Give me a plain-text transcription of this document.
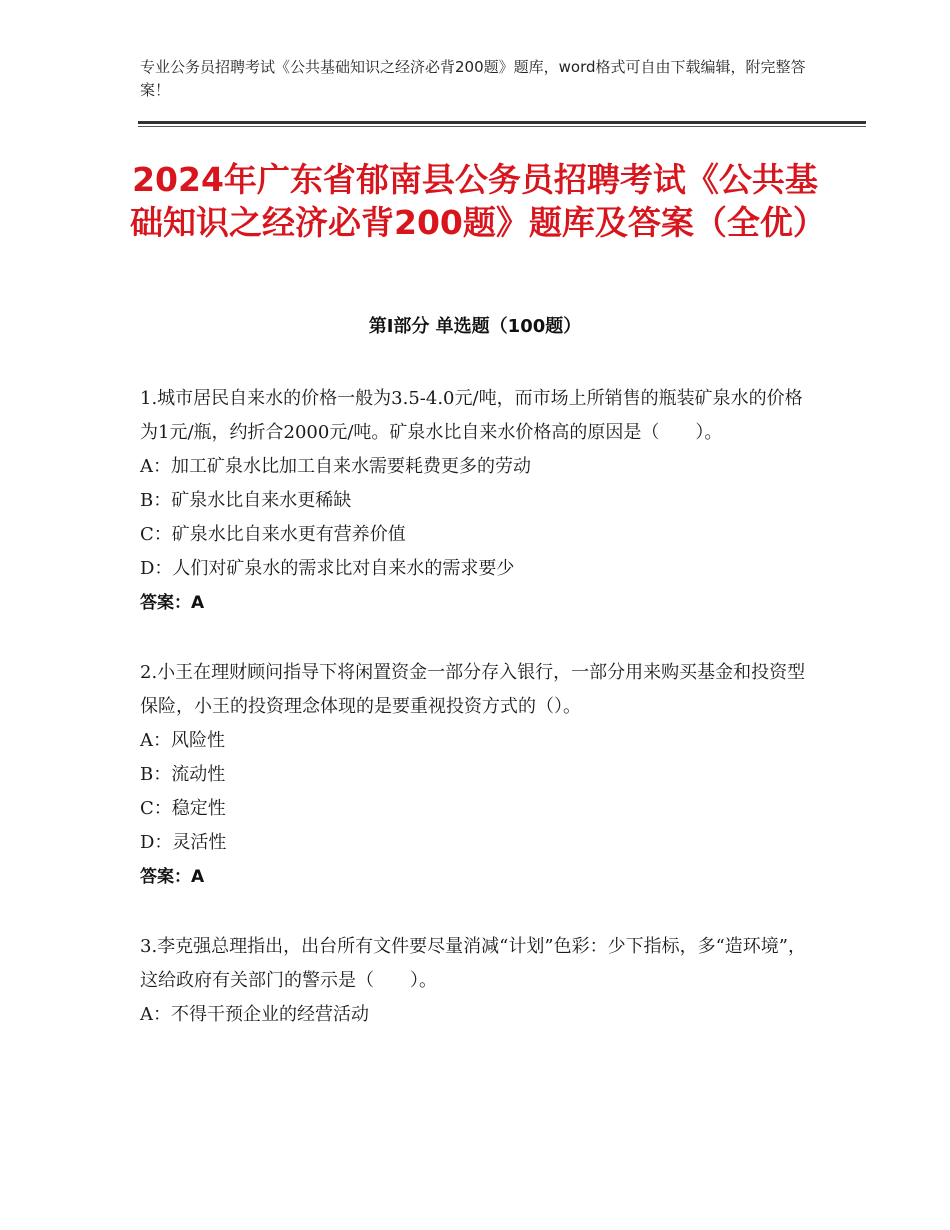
专业公务员招聘考试《公共基础知识之经济必背200题》题库，word格式可自由下载编辑，附完整答案！
2024年广东省郁南县公务员招聘考试《公共基础知识之经济必背200题》题库及答案（全优）
第Ⅰ部分 单选题（100题）
1.城市居民自来水的价格一般为3.5-4.0元/吨，而市场上所销售的瓶装矿泉水的价格为1元/瓶，约折合2000元/吨。矿泉水比自来水价格高的原因是（　　）。
A：加工矿泉水比加工自来水需要耗费更多的劳动
B：矿泉水比自来水更稀缺
C：矿泉水比自来水更有营养价值
D：人们对矿泉水的需求比对自来水的需求要少
答案：A
2.小王在理财顾问指导下将闲置资金一部分存入银行，一部分用来购买基金和投资型保险，小王的投资理念体现的是要重视投资方式的（）。
A：风险性
B：流动性
C：稳定性
D：灵活性
答案：A
3.李克强总理指出，出台所有文件要尽量消减“计划”色彩：少下指标，多“造环境”，这给政府有关部门的警示是（　　）。
A：不得干预企业的经营活动
